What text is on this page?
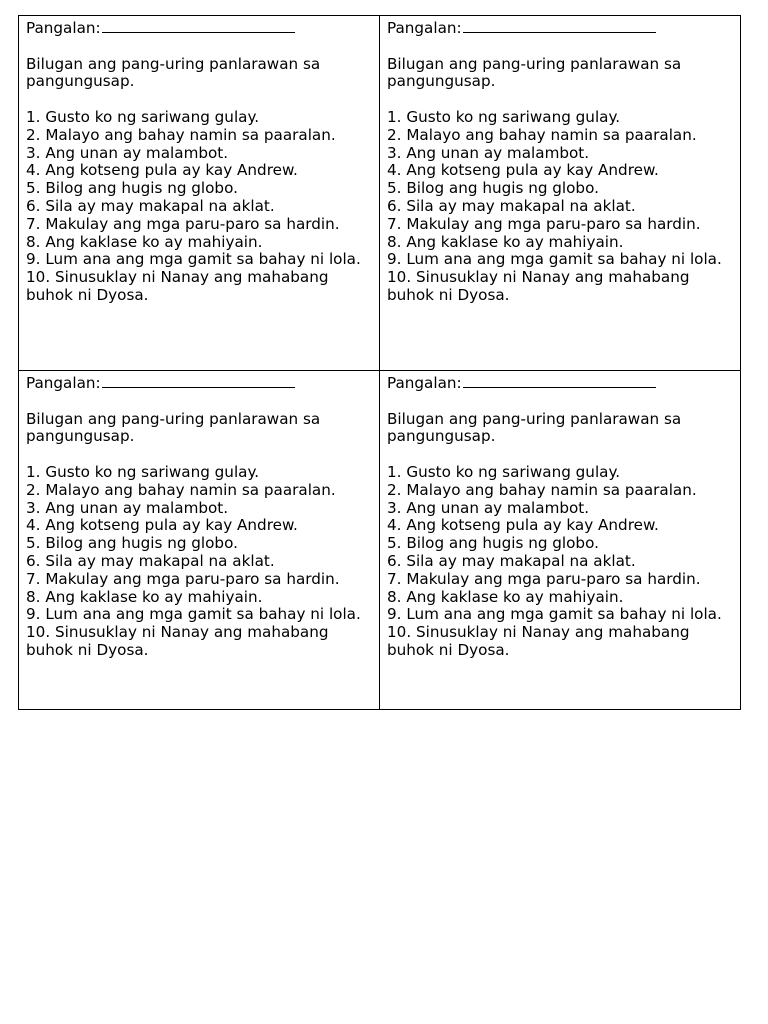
Pangalan:
Bilugan ang pang-uring panlarawan sa pangungusap.
1. Gusto ko ng sariwang gulay.
2. Malayo ang bahay namin sa paaralan.
3. Ang unan ay malambot.
4. Ang kotseng pula ay kay Andrew.
5. Bilog ang hugis ng globo.
6. Sila ay may makapal na aklat.
7. Makulay ang mga paru-paro sa hardin.
8. Ang kaklase ko ay mahiyain.
9. Lum ana ang mga gamit sa bahay ni lola.
10. Sinusuklay ni Nanay ang mahabang buhok ni Dyosa.
Pangalan:
Bilugan ang pang-uring panlarawan sa pangungusap.
1. Gusto ko ng sariwang gulay.
2. Malayo ang bahay namin sa paaralan.
3. Ang unan ay malambot.
4. Ang kotseng pula ay kay Andrew.
5. Bilog ang hugis ng globo.
6. Sila ay may makapal na aklat.
7. Makulay ang mga paru-paro sa hardin.
8. Ang kaklase ko ay mahiyain.
9. Lum ana ang mga gamit sa bahay ni lola.
10. Sinusuklay ni Nanay ang mahabang buhok ni Dyosa.
Pangalan:
Bilugan ang pang-uring panlarawan sa pangungusap.
1. Gusto ko ng sariwang gulay.
2. Malayo ang bahay namin sa paaralan.
3. Ang unan ay malambot.
4. Ang kotseng pula ay kay Andrew.
5. Bilog ang hugis ng globo.
6. Sila ay may makapal na aklat.
7. Makulay ang mga paru-paro sa hardin.
8. Ang kaklase ko ay mahiyain.
9. Lum ana ang mga gamit sa bahay ni lola.
10. Sinusuklay ni Nanay ang mahabang buhok ni Dyosa.
Pangalan:
Bilugan ang pang-uring panlarawan sa pangungusap.
1. Gusto ko ng sariwang gulay.
2. Malayo ang bahay namin sa paaralan.
3. Ang unan ay malambot.
4. Ang kotseng pula ay kay Andrew.
5. Bilog ang hugis ng globo.
6. Sila ay may makapal na aklat.
7. Makulay ang mga paru-paro sa hardin.
8. Ang kaklase ko ay mahiyain.
9. Lum ana ang mga gamit sa bahay ni lola.
10. Sinusuklay ni Nanay ang mahabang buhok ni Dyosa.
